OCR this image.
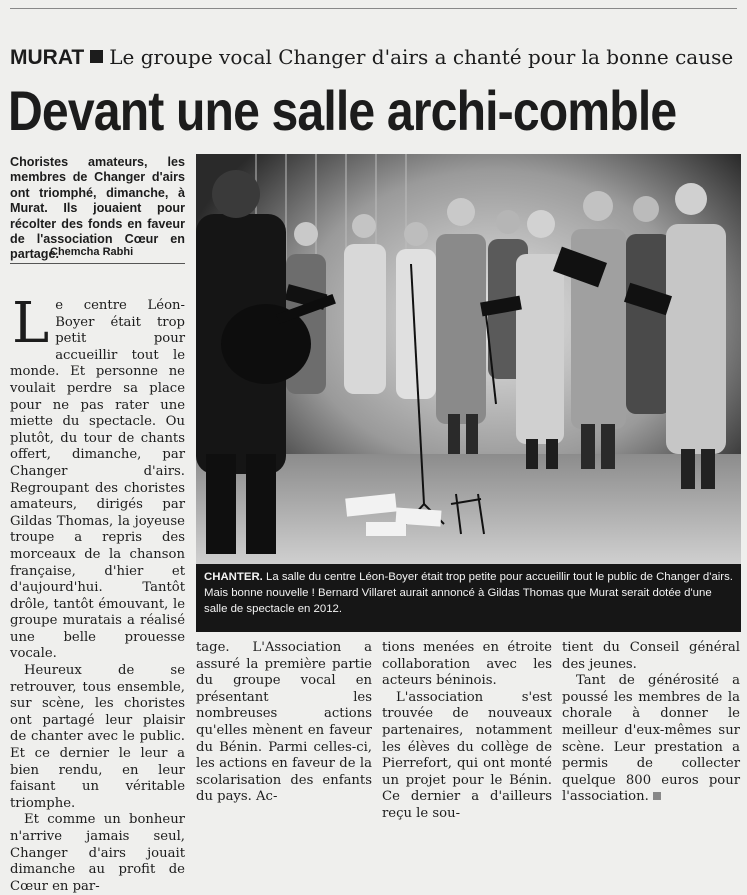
MURAT Le groupe vocal Changer d'airs a chanté pour la bonne cause
Devant une salle archi-comble
Choristes amateurs, les membres de Changer d'airs ont triomphé, dimanche, à Murat. Ils jouaient pour récolter des fonds en faveur de l'association Cœur en partage.
Chemcha Rabhi

Le centre Léon-Boyer était trop petit pour accueillir tout le monde. Et personne ne voulait perdre sa place pour ne pas rater une miette du spectacle. Ou plutôt, du tour de chants offert, dimanche, par Changer d'airs. Regroupant des choristes amateurs, dirigés par Gildas Thomas, la joyeuse troupe a repris des morceaux de la chanson française, d'hier et d'aujourd'hui. Tantôt drôle, tantôt émouvant, le groupe muratais a réalisé une belle prouesse vocale.

Heureux de se retrouver, tous ensemble, sur scène, les choristes ont partagé leur plaisir de chanter avec le public. Et ce dernier le leur a bien rendu, en leur faisant un véritable triomphe.

Et comme un bonheur n'arrive jamais seul, Changer d'airs jouait dimanche au profit de Cœur en par-

CHANTER. La salle du centre Léon-Boyer était trop petite pour accueillir tout le public de Changer d'airs. Mais bonne nouvelle ! Bernard Villaret aurait annoncé à Gildas Thomas que Murat serait dotée d'une salle de spectacle en 2012.

tage. L'Association a assuré la première partie du groupe vocal en présentant les nombreuses actions qu'elles mènent en faveur du Bénin. Parmi celles-ci, les actions en faveur de la scolarisation des enfants du pays. Ac-

tions menées en étroite collaboration avec les acteurs béninois.

L'association s'est trouvée de nouveaux partenaires, notamment les élèves du collège de Pierrefort, qui ont monté un projet pour le Bénin. Ce dernier a d'ailleurs reçu le sou-

tient du Conseil général des jeunes.

Tant de générosité a poussé les membres de la chorale à donner le meilleur d'eux-mêmes sur scène. Leur prestation a permis de collecter quelque 800 euros pour l'association.
